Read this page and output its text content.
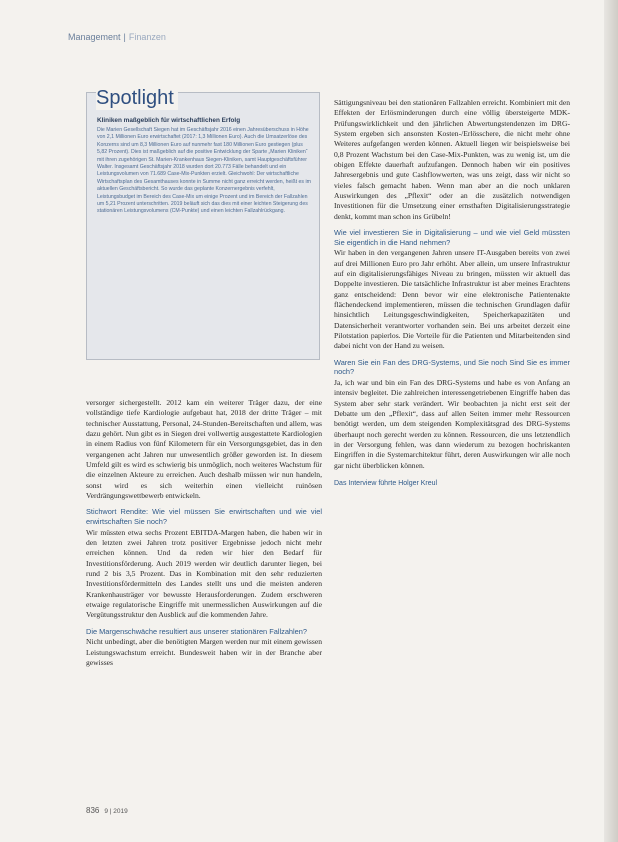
Management | Finanzen

Kliniken maßgeblich für wirtschaftlichen Erfolg

Die Marien Gesellschaft Siegen hat im Geschäftsjahr 2016 einen Jahresüberschuss in Höhe von 2,1 Millionen Euro erwirtschaftet (2017: 1,3 Millionen Euro). Auch die Umsatzerlöse des Konzerns sind um 8,3 Millionen Euro auf nunmehr fast 180 Millionen Euro gestiegen (plus 5,82 Prozent). Dies ist maßgeblich auf die positive Entwicklung der Sparte „Marien Kliniken“ mit ihren zugehörigen St. Marien-Krankenhaus Siegen-Kliniken, samt Hauptgeschäftsführer Walter. Insgesamt Geschäftsjahr 2018 wurden dort 20.773 Fälle behandelt und ein Leistungsvolumen von 71.689 Case-Mix-Punkten erzielt. Gleichwohl: Der wirtschaftliche Wirtschaftsplan des Gesamthauses konnte in Summe nicht ganz erreicht werden, heißt es im aktuellen Geschäftsbericht. So wurde das geplante Konzernergebnis verfehlt, Leistungsbudget im Bereich des Case-Mix um einige Prozent und im Bereich der Fallzahlen um 5,21 Prozent unterschritten. 2019 beläuft sich das dies mit einer leichten Steigerung des stationären Leistungsvolumens (CM-Punkte) und einen leichten Fallzahlrückgang.

Spotlight

versorger sichergestellt. 2012 kam ein weiterer Träger dazu, der eine vollständige tiefe Kardiologie aufgebaut hat, 2018 der dritte Träger – mit technischer Ausstattung, Personal, 24-Stunden-Bereitschaften und allem, was dazu gehört. Nun gibt es in Siegen drei vollwertig ausgestattete Kardiologien in einem Radius von fünf Kilometern für ein Versorgungsgebiet, das in den vergangenen acht Jahren nur unwesentlich größer geworden ist. In diesem Umfeld gilt es wird es schwierig bis unmöglich, noch weiteres Wachstum für die einzelnen Akteure zu erreichen. Auch deshalb müssen wir nun handeln, sonst wird es sich weiterhin einen vielleicht ruinösen Verdrängungswettbewerb entwickeln.

Stichwort Rendite: Wie viel müssen Sie erwirtschaften und wie viel erwirtschaften Sie noch?

Wir müssten etwa sechs Prozent EBITDA-Margen haben, die haben wir in den letzten zwei Jahren trotz positiver Ergebnisse jedoch nicht mehr erreichen können. Und da reden wir hier den Bedarf für Investitionsförderung. Auch 2019 werden wir deutlich darunter liegen, bei rund 2 bis 3,5 Prozent. Das in Kombination mit den sehr reduzierten Investitionsfördermitteln des Landes stellt uns und die meisten anderen Krankenhausträger vor bewusste Herausforderungen. Zudem erschweren etwaige regulatorische Eingriffe mit unermesslichen Auswirkungen auf die Vergütungsstruktur den Ausblick auf die kommenden Jahre.

Die Margenschwäche resultiert aus unserer stationären Fallzahlen?

Nicht unbedingt, aber die benötigten Margen werden nur mit einem gewissen Leistungswachstum erreicht. Bundesweit haben wir in der Branche aber gewisses

Sättigungsniveau bei den stationären Fallzahlen erreicht. Kombiniert mit den Effekten der Erlösminderungen durch eine völlig übersteigerte MDK-Prüfungswirklichkeit und den jährlichen Abwertungstendenzen im DRG-System ergeben sich ansonsten Kosten-/Erlösschere, die nicht mehr ohne Weiteres aufgefangen werden können. Aktuell liegen wir beispielsweise bei 0,8 Prozent Wachstum bei den Case-Mix-Punkten, was zu wenig ist, um die obigen Effekte dauerhaft aufzufangen. Dennoch haben wir ein positives Jahresergebnis und gute Cashflowwerten, was uns zeigt, dass wir nicht so vieles falsch gemacht haben. Wenn man aber an die noch unklaren Auswirkungen des „Pflexit“ oder an die zusätzlich notwendigen Investitionen für die Umsetzung einer ernsthaften Digitalisierungsstrategie denkt, kommt man schon ins Grübeln!

Wie viel investieren Sie in Digitalisierung – und wie viel Geld müssten Sie eigentlich in die Hand nehmen?

Wir haben in den vergangenen Jahren unsere IT-Ausgaben bereits von zwei auf drei Millionen Euro pro Jahr erhöht. Aber allein, um unsere Infrastruktur auf ein digitalisierungsfähiges Niveau zu bringen, müssten wir aktuell das Doppelte investieren. Die tatsächliche Infrastruktur ist aber meines Erachtens ganz entscheidend: Denn bevor wir eine elektronische Patientenakte flächendeckend implementieren, müssen die technischen Grundlagen dafür hinsichtlich Leitungsgeschwindigkeiten, Speicherkapazitäten und Datensicherheit verantworter vorhanden sein. Bei uns arbeitet derzeit eine Pilotstation papierlos. Die Vorteile für die Patienten und Mitarbeitenden sind dabei nicht von der Hand zu weisen.

Waren Sie ein Fan des DRG-Systems, und Sie noch Sind Sie es immer noch?

Ja, ich war und bin ein Fan des DRG-Systems und habe es von Anfang an intensiv begleitet. Die zahlreichen interessengetriebenen Eingriffe haben das System aber sehr stark verändert. Wir beobachten ja nicht erst seit der Debatte um den „Pflexit“, dass auf allen Seiten immer mehr Ressourcen benötigt werden, um dem steigenden Komplexitätsgrad des DRG-Systems überhaupt noch gerecht werden zu können. Ressourcen, die uns letztendlich in der Versorgung fehlen, was dann wiederum zu bezogen hochriskanten Eingriffen in die Systemarchitektur führt, deren Auswirkungen wir alle noch gar nicht überblicken können.

Das Interview führte Holger Kreul

836 9 | 2019
